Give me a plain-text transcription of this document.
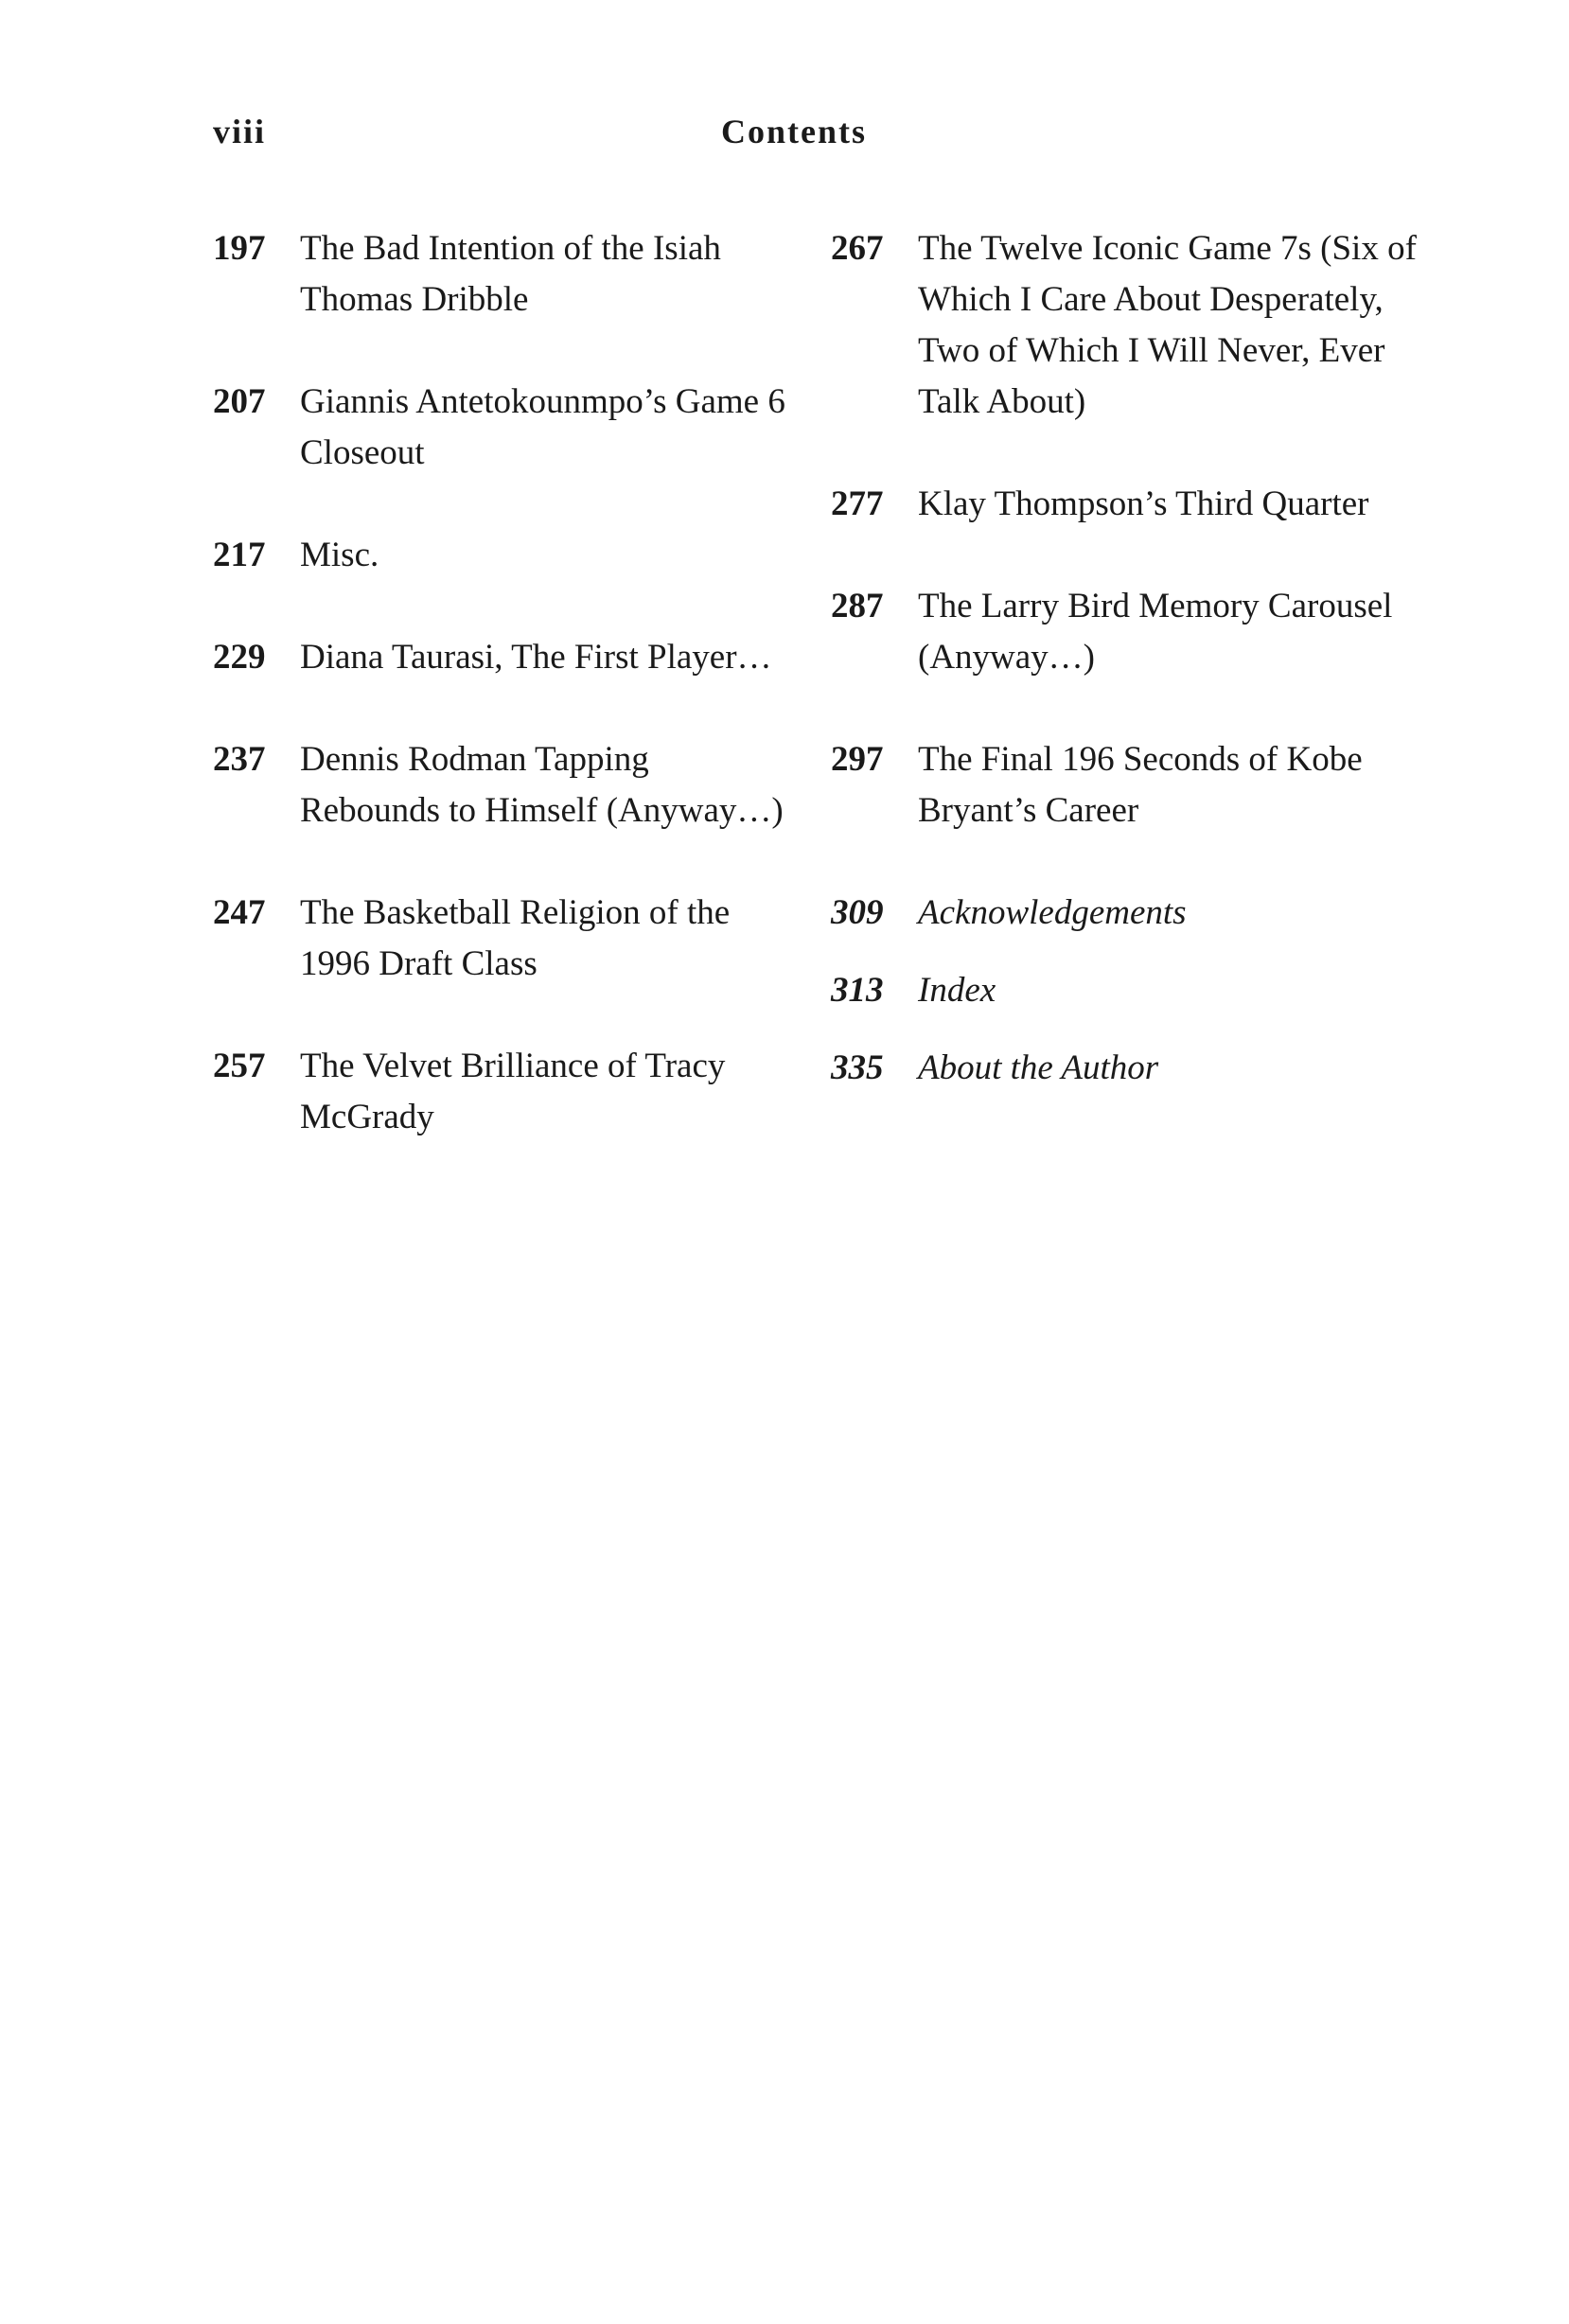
viii	Contents
197 The Bad Intention of the Isiah Thomas Dribble
207 Giannis Antetokounmpo’s Game 6 Closeout
217 Misc.
229 Diana Taurasi, The First Player…
237 Dennis Rodman Tapping Rebounds to Himself (Anyway…)
247 The Basketball Religion of the 1996 Draft Class
257 The Velvet Brilliance of Tracy McGrady
267 The Twelve Iconic Game 7s (Six of Which I Care About Desperately, Two of Which I Will Never, Ever Talk About)
277 Klay Thompson’s Third Quarter
287 The Larry Bird Memory Carousel (Anyway…)
297 The Final 196 Seconds of Kobe Bryant’s Career
309 Acknowledgements
313 Index
335 About the Author
